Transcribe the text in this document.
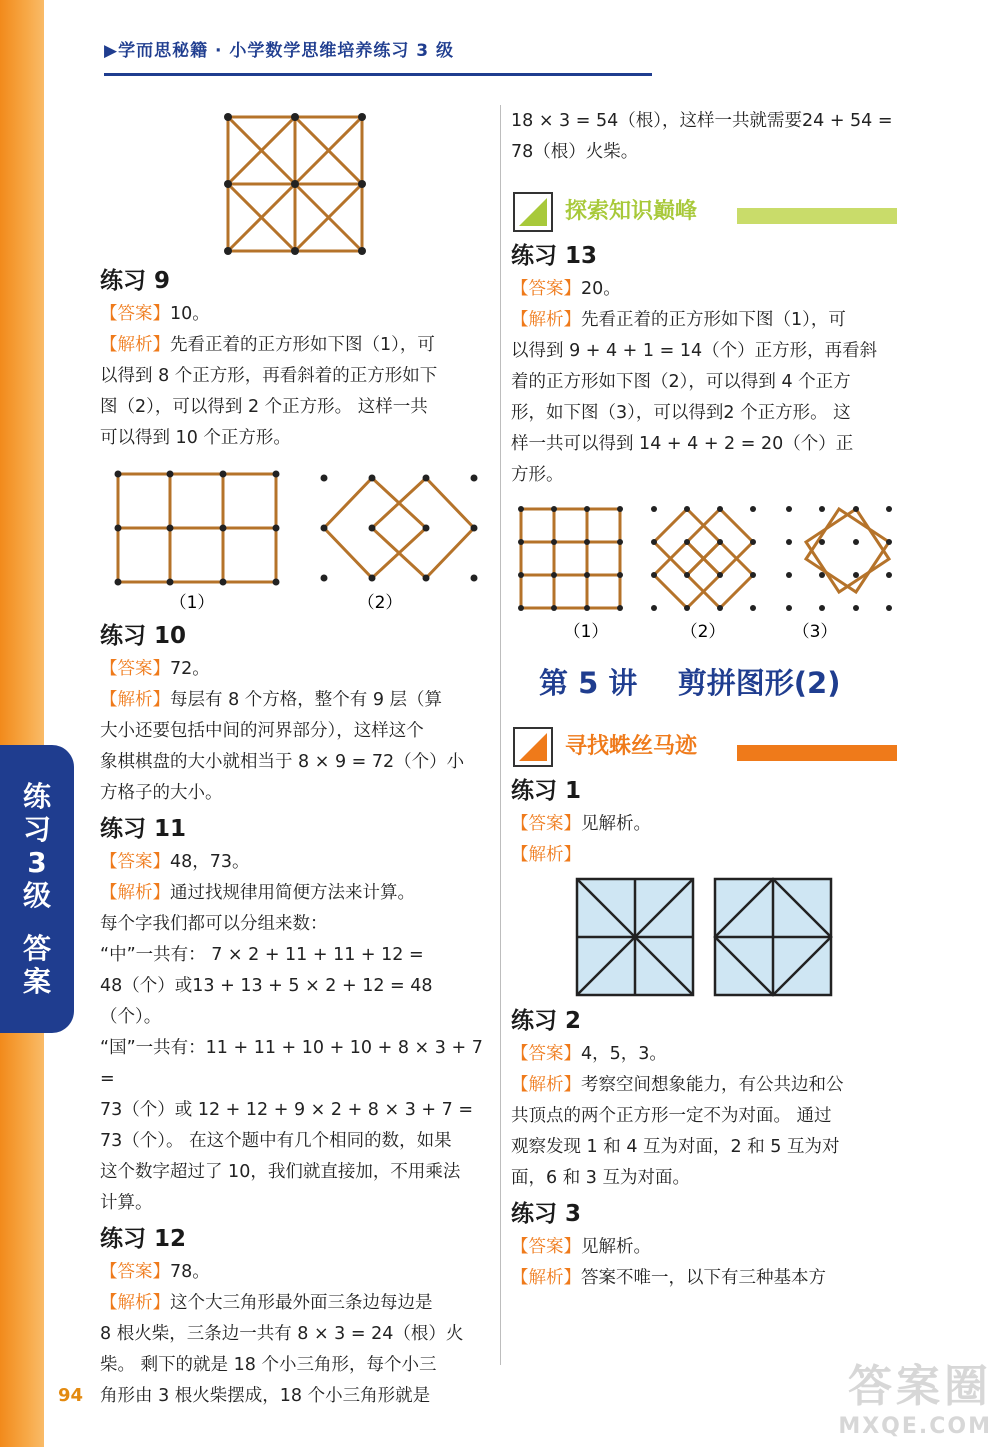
练
习
3
级
答
案
94
▶学而思秘籍 · 小学数学思维培养练习 3 级

练习 9

【答案】10。

【解析】先看正着的正方形如下图（1），可

以得到 8 个正方形，再看斜着的正方形如下

图（2），可以得到 2 个正方形。 这样一共

可以得到 10 个正方形。

（1）	（2）

练习 10

【答案】72。

【解析】每层有 8 个方格，整个有 9 层（算

大小还要包括中间的河界部分），这样这个

象棋棋盘的大小就相当于 8 × 9 = 72（个）小

方格子的大小。

练习 11

【答案】48，73。

【解析】通过找规律用简便方法来计算。

每个字我们都可以分组来数：

“中”一共有： 7 × 2 + 11 + 11 + 12 =

48（个）或13 + 13 + 5 × 2 + 12 = 48（个）。

“国”一共有：11 + 11 + 10 + 10 + 8 × 3 + 7 =

73（个）或 12 + 12 + 9 × 2 + 8 × 3 + 7 =

73（个）。 在这个题中有几个相同的数，如果

这个数字超过了 10，我们就直接加，不用乘法

计算。

练习 12

【答案】78。

【解析】这个大三角形最外面三条边每边是

8 根火柴，三条边一共有 8 × 3 = 24（根）火

柴。 剩下的就是 18 个小三角形，每个小三

角形由 3 根火柴摆成，18 个小三角形就是

18 × 3 = 54（根），这样一共就需要24 + 54 =

78（根）火柴。

探索知识巅峰

练习 13

【答案】20。

【解析】先看正着的正方形如下图（1），可

以得到 9 + 4 + 1 = 14（个）正方形，再看斜

着的正方形如下图（2），可以得到 4 个正方

形，如下图（3），可以得到2 个正方形。 这

样一共可以得到 14 + 4 + 2 = 20（个）正

方形。

（1）	（2）	（3）
第 5 讲    剪拼图形(2)
寻找蛛丝马迹

练习 1

【答案】见解析。

【解析】

练习 2

【答案】4，5，3。

【解析】考察空间想象能力，有公共边和公

共顶点的两个正方形一定不为对面。 通过

观察发现 1 和 4 互为对面，2 和 5 互为对

面，6 和 3 互为对面。

练习 3

【答案】见解析。

【解析】答案不唯一，以下有三种基本方

答案圈
MXQE.COM
